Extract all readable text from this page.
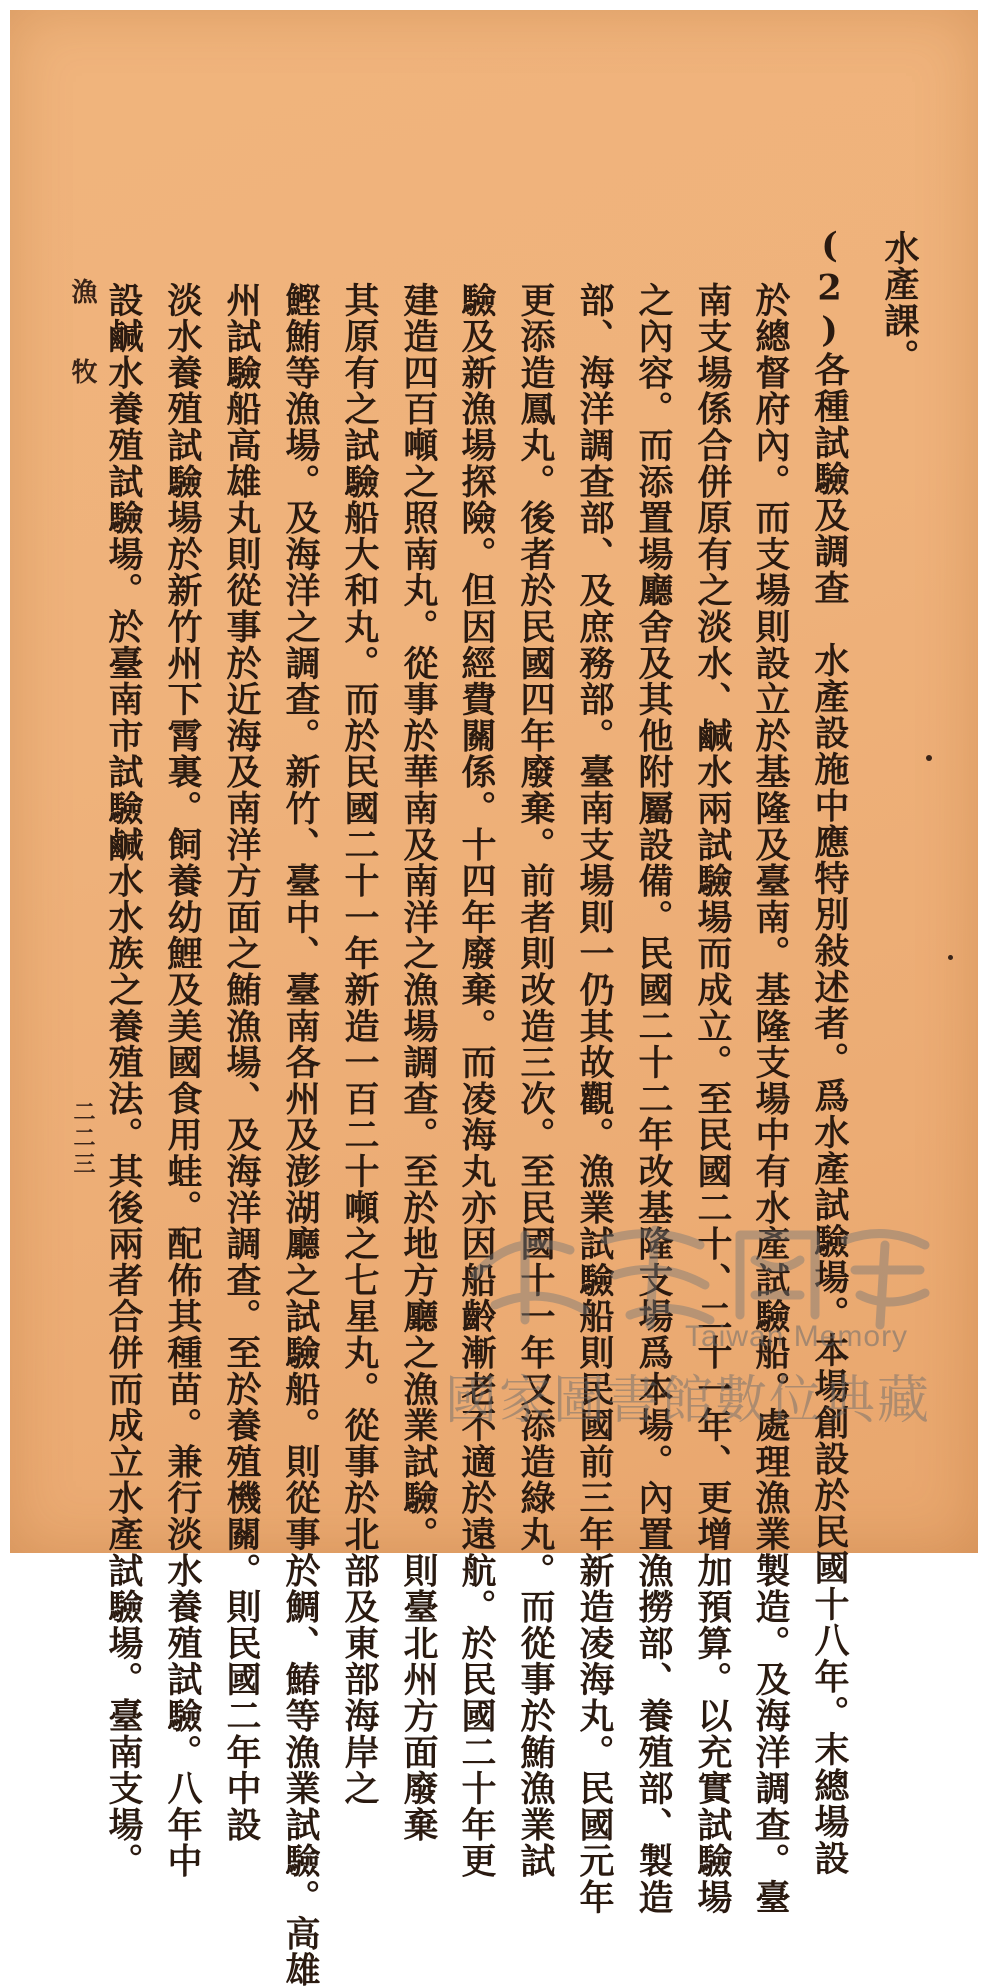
水產課。
(2)各種試驗及調查　水產設施中應特別敍述者。爲水產試驗場。本場創設於民國十八年。末總場設
於總督府內。而支場則設立於基隆及臺南。基隆支場中有水產試驗船。處理漁業製造。及海洋調查。臺
南支場係合併原有之淡水、鹹水兩試驗場而成立。至民國二十、二十一年、更增加預算。以充實試驗場
之內容。而添置場廳舍及其他附屬設備。民國二十二年改基隆支場爲本場。內置漁撈部、養殖部、製造
部、海洋調查部、及庶務部。臺南支場則一仍其故觀。漁業試驗船則民國前三年新造凌海丸。民國元年
更添造鳳丸。後者於民國四年廢棄。前者則改造三次。至民國十一年又添造綠丸。而從事於鮪漁業試
驗及新漁場探險。但因經費關係。十四年廢棄。而凌海丸亦因船齡漸老不適於遠航。於民國二十年更
建造四百噸之照南丸。從事於華南及南洋之漁場調查。至於地方廳之漁業試驗。則臺北州方面廢棄
其原有之試驗船大和丸。而於民國二十一年新造一百二十噸之七星丸。從事於北部及東部海岸之
鰹鮪等漁場。及海洋之調查。新竹、臺中、臺南各州及澎湖廳之試驗船。則從事於鯛、鰆等漁業試驗。高雄
州試驗船高雄丸則從事於近海及南洋方面之鮪漁場、及海洋調查。至於養殖機關。則民國二年中設
淡水養殖試驗場於新竹州下霄裏。飼養幼鯉及美國食用蛙。配佈其種苗。兼行淡水養殖試驗。八年中
設鹹水養殖試驗場。於臺南市試驗鹹水水族之養殖法。其後兩者合併而成立水產試驗場。臺南支場。
漁　牧
二二三
Taiwan Memory
國家圖書館數位典藏
